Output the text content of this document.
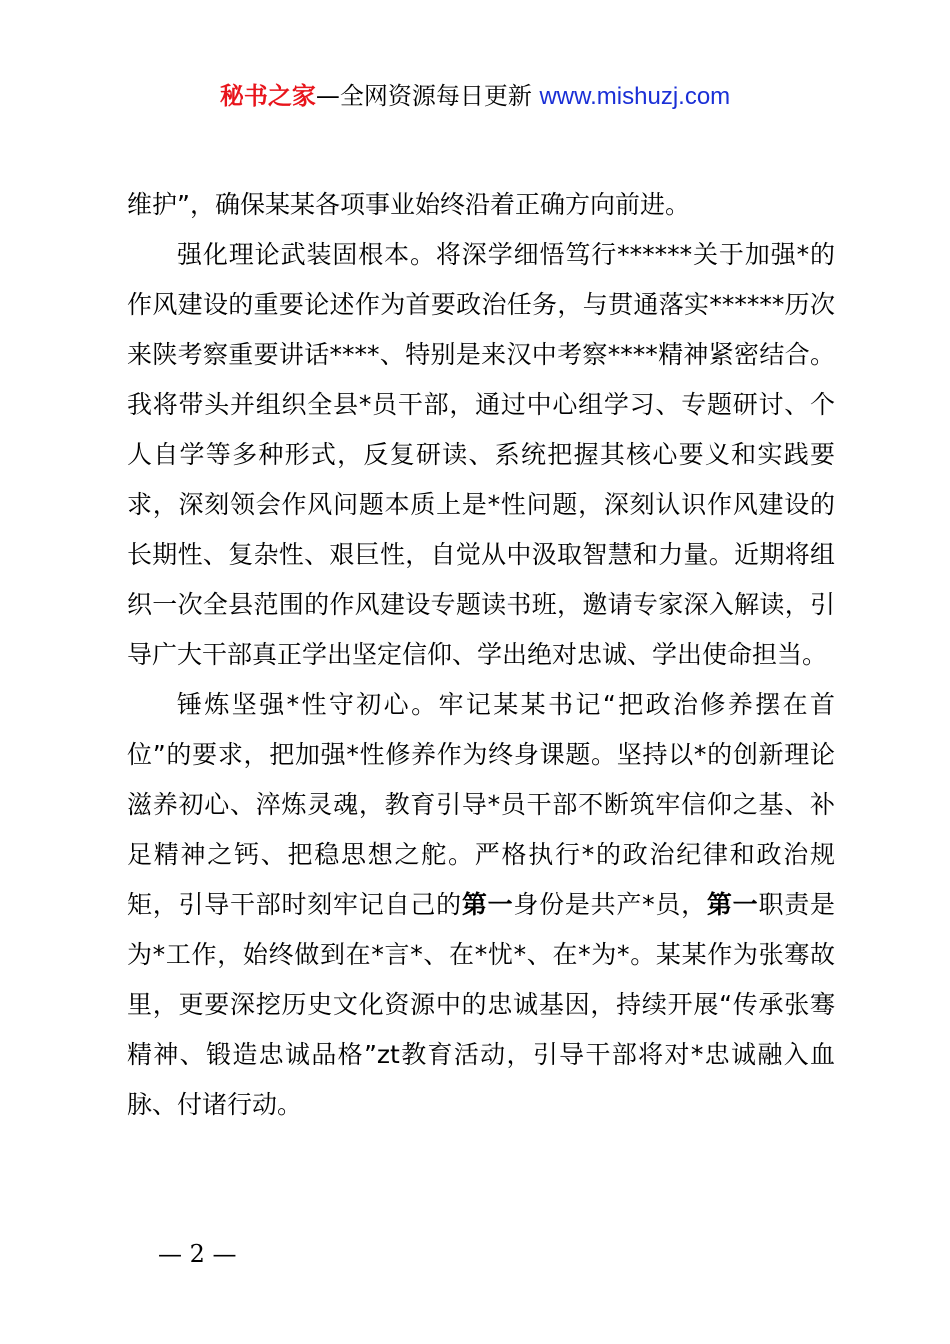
秘书之家—全网资源每日更新 www.mishuzj.com

维护”，确保某某各项事业始终沿着正确方向前进。

强化理论武装固根本。将深学细悟笃行******关于加强*的作风建设的重要论述作为首要政治任务，与贯通落实******历次来陕考察重要讲话****、特别是来汉中考察****精神紧密结合。我将带头并组织全县*员干部，通过中心组学习、专题研讨、个人自学等多种形式，反复研读、系统把握其核心要义和实践要求，深刻领会作风问题本质上是*性问题，深刻认识作风建设的长期性、复杂性、艰巨性，自觉从中汲取智慧和力量。近期将组织一次全县范围的作风建设专题读书班，邀请专家深入解读，引导广大干部真正学出坚定信仰、学出绝对忠诚、学出使命担当。

锤炼坚强*性守初心。牢记某某书记“把政治修养摆在首位”的要求，把加强*性修养作为终身课题。坚持以*的创新理论滋养初心、淬炼灵魂，教育引导*员干部不断筑牢信仰之基、补足精神之钙、把稳思想之舵。严格执行*的政治纪律和政治规矩，引导干部时刻牢记自己的第一身份是共产*员，第一职责是为*工作，始终做到在*言*、在*忧*、在*为*。某某作为张骞故里，更要深挖历史文化资源中的忠诚基因，持续开展“传承张骞精神、锻造忠诚品格”zt教育活动，引导干部将对*忠诚融入血脉、付诸行动。

— 2 —
